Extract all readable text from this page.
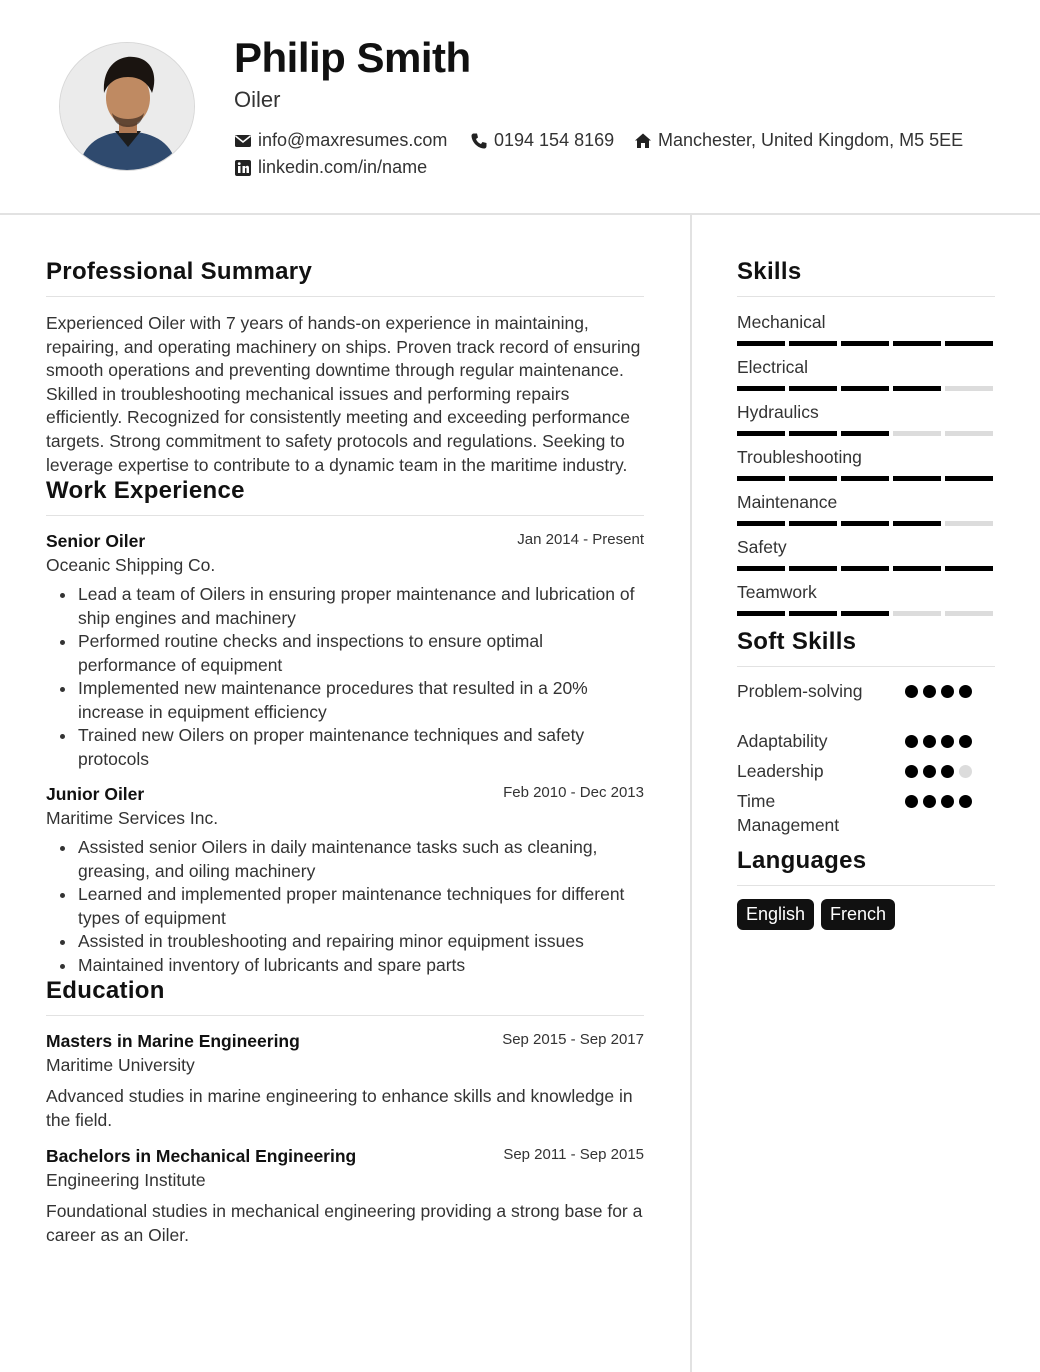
Philip Smith
Oiler
info@maxresumes.com	0194 154 8169 Manchester, United Kingdom, M5 5EE
linkedin.com/in/name
Professional Summary

Experienced Oiler with 7 years of hands-on experience in maintaining, repairing, and operating machinery on ships. Proven track record of ensuring smooth operations and preventing downtime through regular maintenance. Skilled in troubleshooting mechanical issues and performing repairs efficiently. Recognized for consistently meeting and exceeding performance targets. Strong commitment to safety protocols and regulations. Seeking to leverage expertise to contribute to a dynamic team in the maritime industry.

Work Experience
Senior Oiler	Jan 2014 - Present
Oceanic Shipping Co.
Lead a team of Oilers in ensuring proper maintenance and lubrication of ship engines and machinery
Performed routine checks and inspections to ensure optimal performance of equipment
Implemented new maintenance procedures that resulted in a 20% increase in equipment efficiency
Trained new Oilers on proper maintenance techniques and safety protocols
Junior Oiler	Feb 2010 - Dec 2013
Maritime Services Inc.
Assisted senior Oilers in daily maintenance tasks such as cleaning, greasing, and oiling machinery
Learned and implemented proper maintenance techniques for different types of equipment
Assisted in troubleshooting and repairing minor equipment issues
Maintained inventory of lubricants and spare parts
Education
Masters in Marine Engineering	Sep 2015 - Sep 2017
Maritime University

Advanced studies in marine engineering to enhance skills and knowledge in the field.

Bachelors in Mechanical Engineering	Sep 2011 - Sep 2015
Engineering Institute

Foundational studies in mechanical engineering providing a strong base for a career as an Oiler.

Skills
Mechanical
Electrical
Hydraulics
Troubleshooting
Maintenance
Safety
Teamwork
Soft Skills
Problem-solving
Adaptability
Leadership
Time Management
Languages
English	French
